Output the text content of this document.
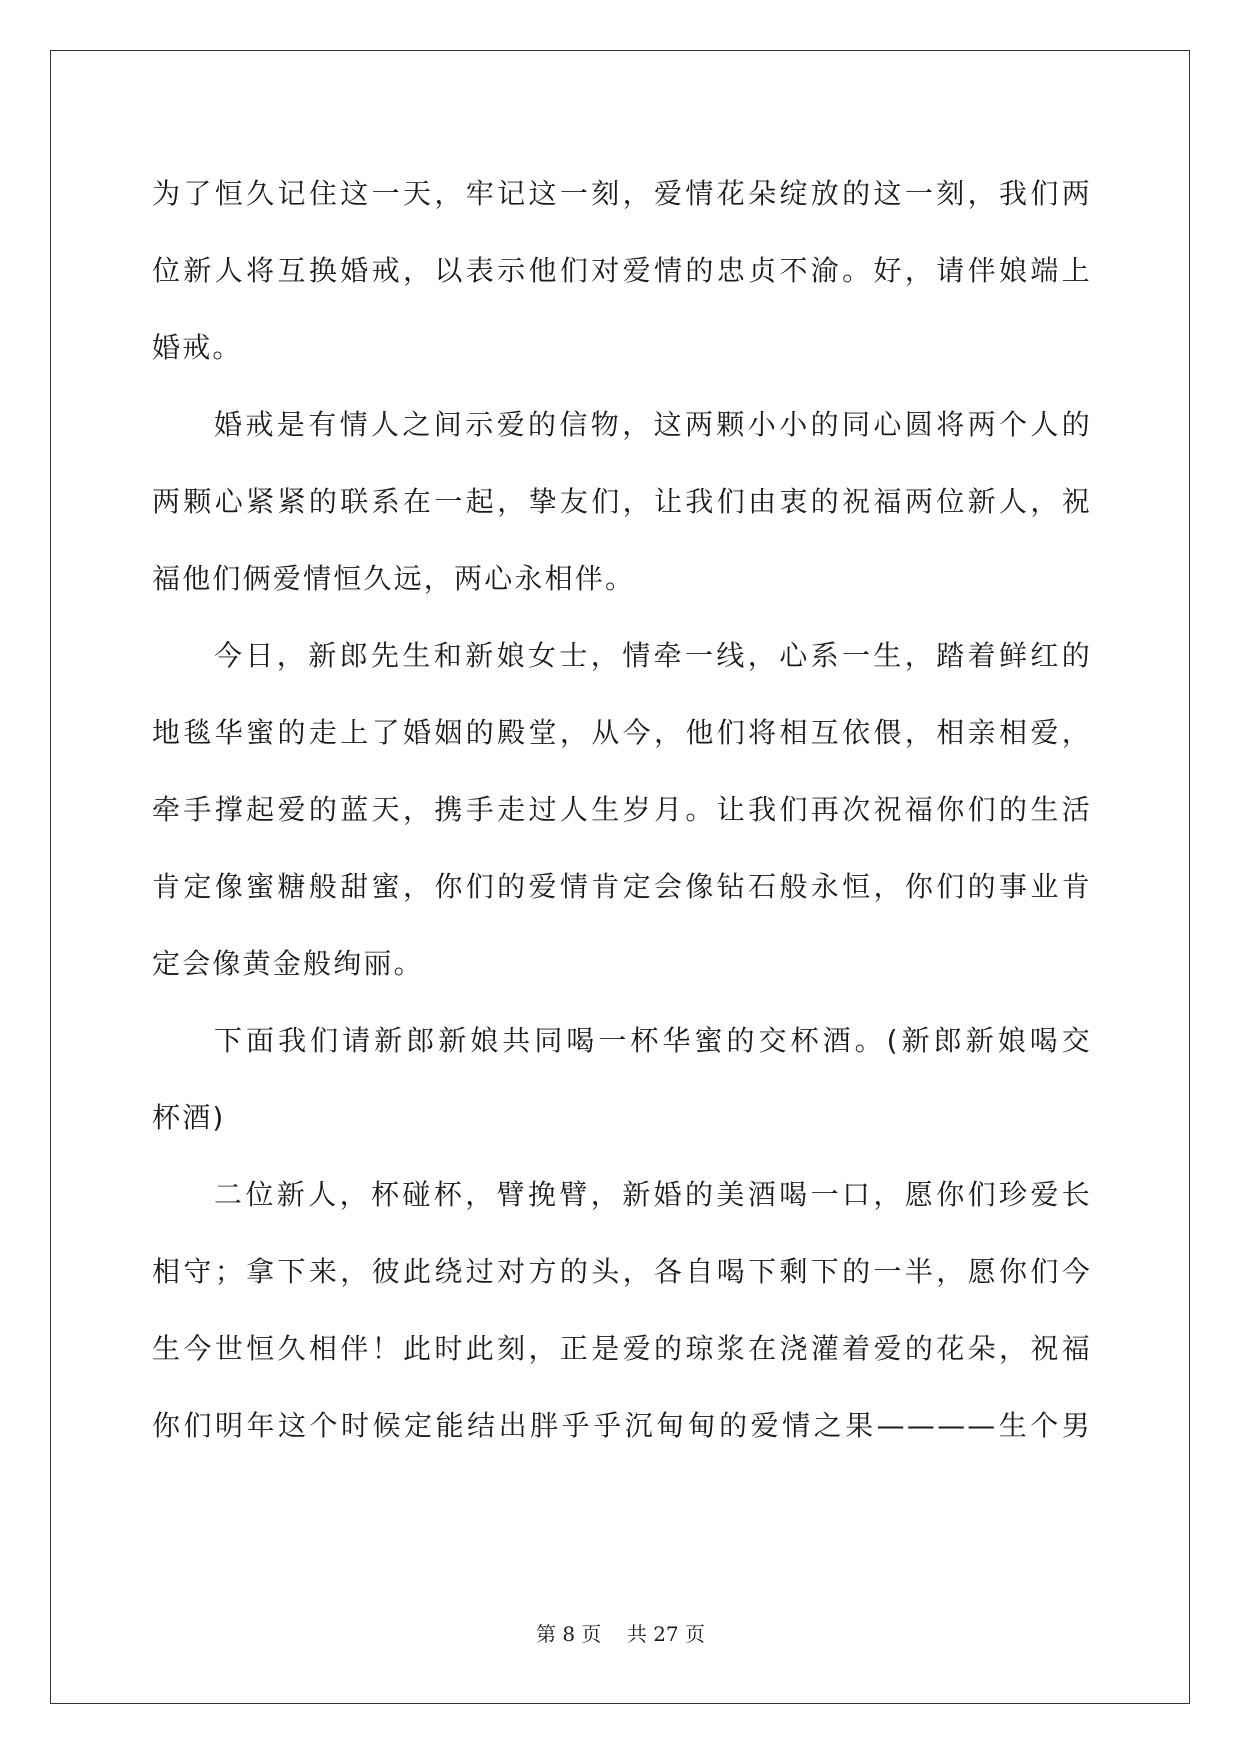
为了恒久记住这一天，牢记这一刻，爱情花朵绽放的这一刻，我们两
位新人将互换婚戒，以表示他们对爱情的忠贞不渝。好，请伴娘端上
婚戒。
婚戒是有情人之间示爱的信物，这两颗小小的同心圆将两个人的
两颗心紧紧的联系在一起，挚友们，让我们由衷的祝福两位新人，祝
福他们俩爱情恒久远，两心永相伴。
今日，新郎先生和新娘女士，情牵一线，心系一生，踏着鲜红的
地毯华蜜的走上了婚姻的殿堂，从今，他们将相互依偎，相亲相爱，
牵手撑起爱的蓝天，携手走过人生岁月。让我们再次祝福你们的生活
肯定像蜜糖般甜蜜，你们的爱情肯定会像钻石般永恒，你们的事业肯
定会像黄金般绚丽。
下面我们请新郎新娘共同喝一杯华蜜的交杯酒。(新郎新娘喝交
杯酒)
二位新人，杯碰杯，臂挽臂，新婚的美酒喝一口，愿你们珍爱长
相守；拿下来，彼此绕过对方的头，各自喝下剩下的一半，愿你们今
生今世恒久相伴！此时此刻，正是爱的琼浆在浇灌着爱的花朵，祝福
你们明年这个时候定能结出胖乎乎沉甸甸的爱情之果————生个男
第 8 页    共 27 页
